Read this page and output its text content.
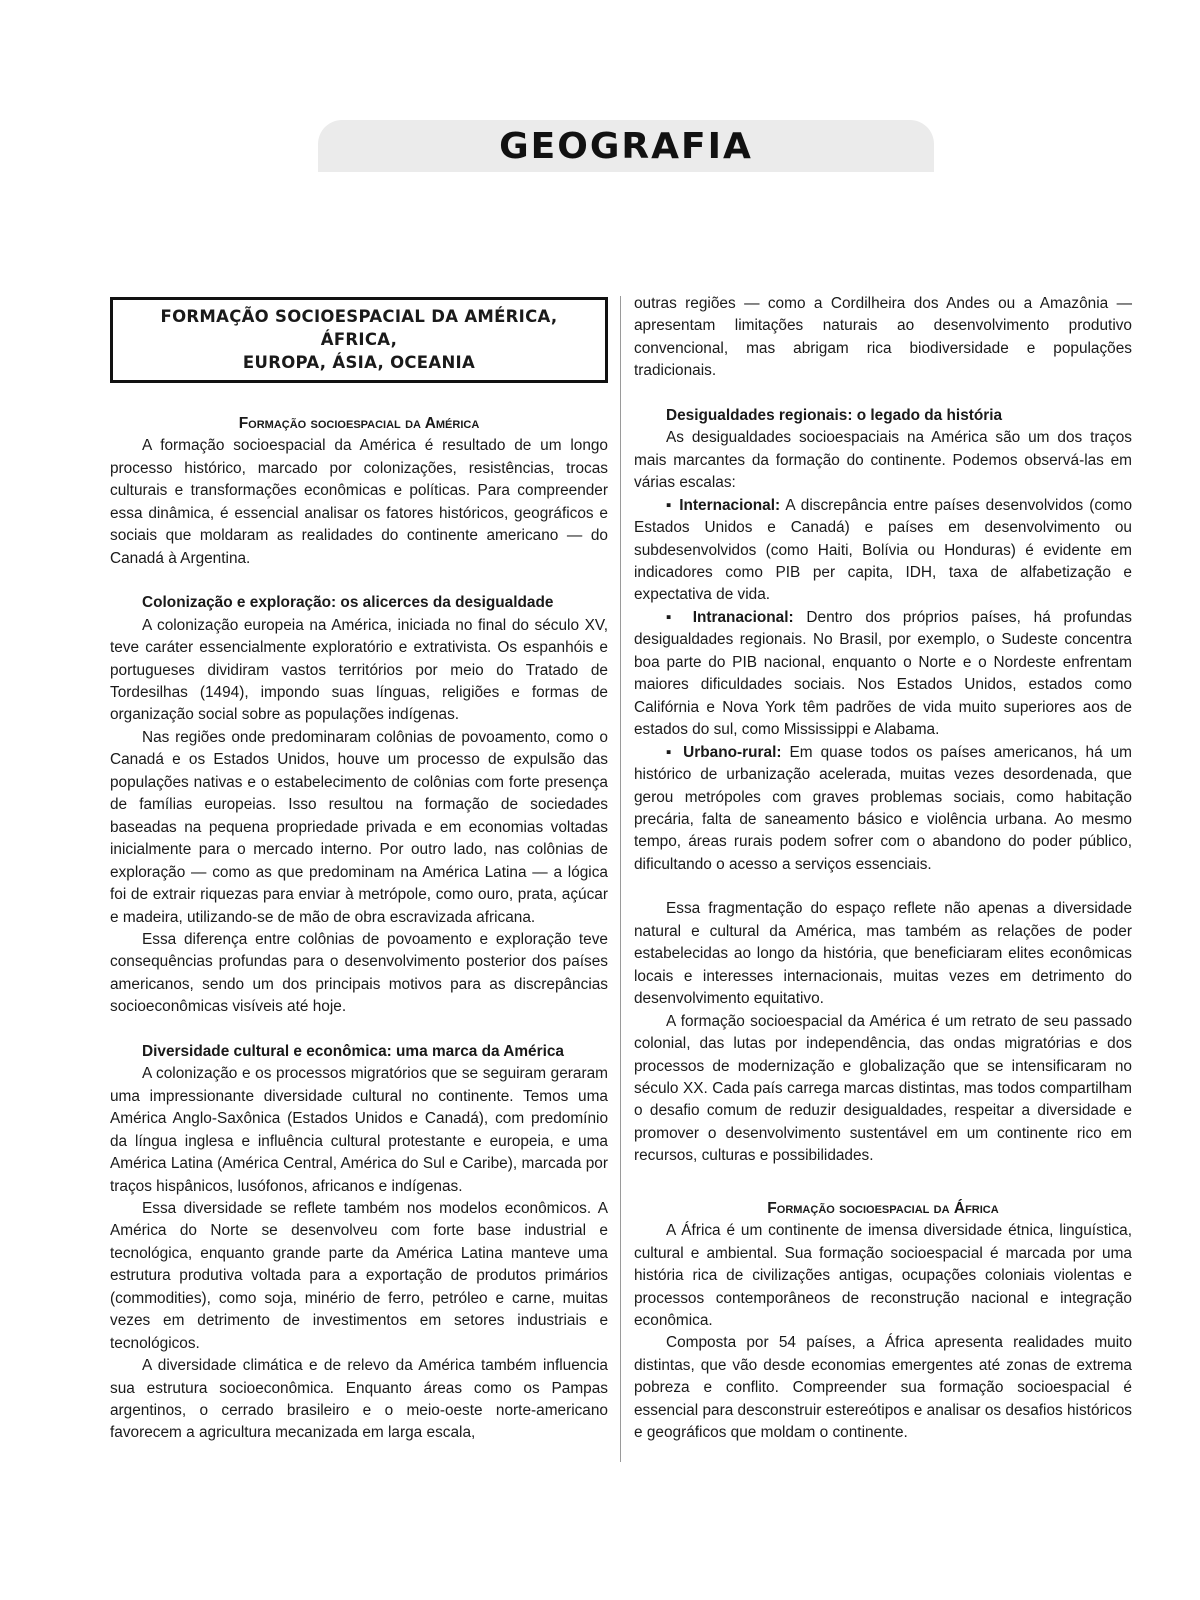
GEOGRAFIA
FORMAÇÃO SOCIOESPACIAL DA AMÉRICA, ÁFRICA,
EUROPA, ÁSIA, OCEANIA
Formação socioespacial da América

A formação socioespacial da América é resultado de um longo processo histórico, marcado por colonizações, resistências, trocas culturais e transformações econômicas e políticas. Para compreender essa dinâmica, é essencial analisar os fatores históricos, geográficos e sociais que moldaram as realidades do continente americano — do Canadá à Argentina.

Colonização e exploração: os alicerces da desigualdade

A colonização europeia na América, iniciada no final do século XV, teve caráter essencialmente exploratório e extrativista. Os espanhóis e portugueses dividiram vastos territórios por meio do Tratado de Tordesilhas (1494), impondo suas línguas, religiões e formas de organização social sobre as populações indígenas.

Nas regiões onde predominaram colônias de povoamento, como o Canadá e os Estados Unidos, houve um processo de expulsão das populações nativas e o estabelecimento de colônias com forte presença de famílias europeias. Isso resultou na formação de sociedades baseadas na pequena propriedade privada e em economias voltadas inicialmente para o mercado interno. Por outro lado, nas colônias de exploração — como as que predominam na América Latina — a lógica foi de extrair riquezas para enviar à metrópole, como ouro, prata, açúcar e madeira, utilizando-se de mão de obra escravizada africana.

Essa diferença entre colônias de povoamento e exploração teve consequências profundas para o desenvolvimento posterior dos países americanos, sendo um dos principais motivos para as discrepâncias socioeconômicas visíveis até hoje.

Diversidade cultural e econômica: uma marca da América

A colonização e os processos migratórios que se seguiram geraram uma impressionante diversidade cultural no continente. Temos uma América Anglo-Saxônica (Estados Unidos e Canadá), com predomínio da língua inglesa e influência cultural protestante e europeia, e uma América Latina (América Central, América do Sul e Caribe), marcada por traços hispânicos, lusófonos, africanos e indígenas.

Essa diversidade se reflete também nos modelos econômicos. A América do Norte se desenvolveu com forte base industrial e tecnológica, enquanto grande parte da América Latina manteve uma estrutura produtiva voltada para a exportação de produtos primários (commodities), como soja, minério de ferro, petróleo e carne, muitas vezes em detrimento de investimentos em setores industriais e tecnológicos.

A diversidade climática e de relevo da América também influencia sua estrutura socioeconômica. Enquanto áreas como os Pampas argentinos, o cerrado brasileiro e o meio-oeste norte-americano favorecem a agricultura mecanizada em larga escala,

outras regiões — como a Cordilheira dos Andes ou a Amazônia — apresentam limitações naturais ao desenvolvimento produtivo convencional, mas abrigam rica biodiversidade e populações tradicionais.

Desigualdades regionais: o legado da história

As desigualdades socioespaciais na América são um dos traços mais marcantes da formação do continente. Podemos observá-las em várias escalas:

▪ Internacional: A discrepância entre países desenvolvidos (como Estados Unidos e Canadá) e países em desenvolvimento ou subdesenvolvidos (como Haiti, Bolívia ou Honduras) é evidente em indicadores como PIB per capita, IDH, taxa de alfabetização e expectativa de vida.

▪ Intranacional: Dentro dos próprios países, há profundas desigualdades regionais. No Brasil, por exemplo, o Sudeste concentra boa parte do PIB nacional, enquanto o Norte e o Nordeste enfrentam maiores dificuldades sociais. Nos Estados Unidos, estados como Califórnia e Nova York têm padrões de vida muito superiores aos de estados do sul, como Mississippi e Alabama.

▪ Urbano-rural: Em quase todos os países americanos, há um histórico de urbanização acelerada, muitas vezes desordenada, que gerou metrópoles com graves problemas sociais, como habitação precária, falta de saneamento básico e violência urbana. Ao mesmo tempo, áreas rurais podem sofrer com o abandono do poder público, dificultando o acesso a serviços essenciais.

Essa fragmentação do espaço reflete não apenas a diversidade natural e cultural da América, mas também as relações de poder estabelecidas ao longo da história, que beneficiaram elites econômicas locais e interesses internacionais, muitas vezes em detrimento do desenvolvimento equitativo.

A formação socioespacial da América é um retrato de seu passado colonial, das lutas por independência, das ondas migratórias e dos processos de modernização e globalização que se intensificaram no século XX. Cada país carrega marcas distintas, mas todos compartilham o desafio comum de reduzir desigualdades, respeitar a diversidade e promover o desenvolvimento sustentável em um continente rico em recursos, culturas e possibilidades.

Formação socioespacial da África

A África é um continente de imensa diversidade étnica, linguística, cultural e ambiental. Sua formação socioespacial é marcada por uma história rica de civilizações antigas, ocupações coloniais violentas e processos contemporâneos de reconstrução nacional e integração econômica.

Composta por 54 países, a África apresenta realidades muito distintas, que vão desde economias emergentes até zonas de extrema pobreza e conflito. Compreender sua formação socioespacial é essencial para desconstruir estereótipos e analisar os desafios históricos e geográficos que moldam o continente.
